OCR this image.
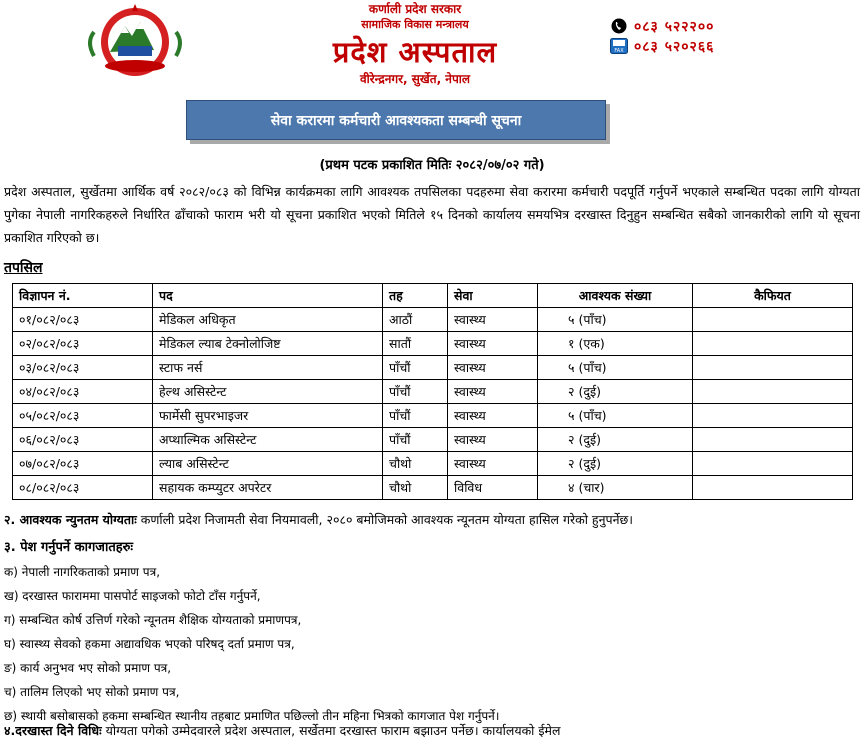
कर्णाली प्रदेश सरकार
सामाजिक विकास मन्त्रालय
प्रदेश अस्पताल
वीरेन्द्रनगर, सुर्खेत, नेपाल
०८३ ५२२२००
FAX ०८३ ५२०२६६
सेवा करारमा कर्मचारी आवश्यकता सम्बन्धी सूचना
(प्रथम पटक प्रकाशित मितिः २०८२/०७/०२ गते)
प्रदेश अस्पताल, सुर्खेतमा आर्थिक वर्ष २०८२/०८३ को विभिन्न कार्यक्रमका लागि आवश्यक तपसिलका पदहरुमा सेवा करारमा कर्मचारी पदपूर्ति गर्नुपर्ने भएकाले सम्बन्धित पदका लागि योग्यता पुगेका नेपाली नागरिकहरुले निर्धारित ढाँचाको फाराम भरी यो सूचना प्रकाशित भएको मितिले १५ दिनको कार्यालय समयभित्र दरखास्त दिनुहुन सम्बन्धित सबैको जानकारीको लागि यो सूचना प्रकाशित गरिएको छ।
तपसिल
विज्ञापन नं.	पद	तह	सेवा	आवश्यक संख्या	कैफियत
०१/०८२/०८३	मेडिकल अधिकृत	आठौं	स्वास्थ्य	५ (पाँच)	
०२/०८२/०८३	मेडिकल ल्याब टेक्नोलोजिष्ट	सातौं	स्वास्थ्य	१ (एक)	
०३/०८२/०८३	स्टाफ नर्स	पाँचौं	स्वास्थ्य	५ (पाँच)	
०४/०८२/०८३	हेल्थ असिस्टेन्ट	पाँचौं	स्वास्थ्य	२ (दुई)	
०५/०८२/०८३	फार्मेसी सुपरभाइजर	पाँचौं	स्वास्थ्य	५ (पाँच)	
०६/०८२/०८३	अप्थाल्मिक असिस्टेन्ट	पाँचौं	स्वास्थ्य	२ (दुई)	
०७/०८२/०८३	ल्याब असिस्टेन्ट	चौथो	स्वास्थ्य	२ (दुई)	
०८/०८२/०८३	सहायक कम्प्युटर अपरेटर	चौथो	विविध	४ (चार)	
२. आवश्यक न्युनतम योग्यताः कर्णाली प्रदेश निजामती सेवा नियमावली, २०८० बमोजिमको आवश्यक न्यूनतम योग्यता हासिल गरेको हुनुपर्नेछ।
३. पेश गर्नुपर्ने कागजातहरुः
क) नेपाली नागरिकताको प्रमाण पत्र,
ख) दरखास्त फाराममा पासपोर्ट साइजको फोटो टाँस गर्नुपर्ने,
ग) सम्बन्धित कोर्ष उत्तिर्ण गरेको न्यूनतम शैक्षिक योग्यताको प्रमाणपत्र,
घ) स्वास्थ्य सेवको हकमा अद्यावधिक भएको परिषद् दर्ता प्रमाण पत्र,
ङ) कार्य अनुभव भए सोको प्रमाण पत्र,
च) तालिम लिएको भए सोको प्रमाण पत्र,
छ) स्थायी बसोबासको हकमा सम्बन्धित स्थानीय तहबाट प्रमाणित पछिल्लो तीन महिना भित्रको कागजात पेश गर्नुपर्ने।
४.दरखास्त दिने विधिः योग्यता पगेको उम्मेदवारले प्रदेश अस्पताल, सर्खेतमा दरखास्त फाराम बझाउन पर्नेछ। कार्यालयको ईमेल
